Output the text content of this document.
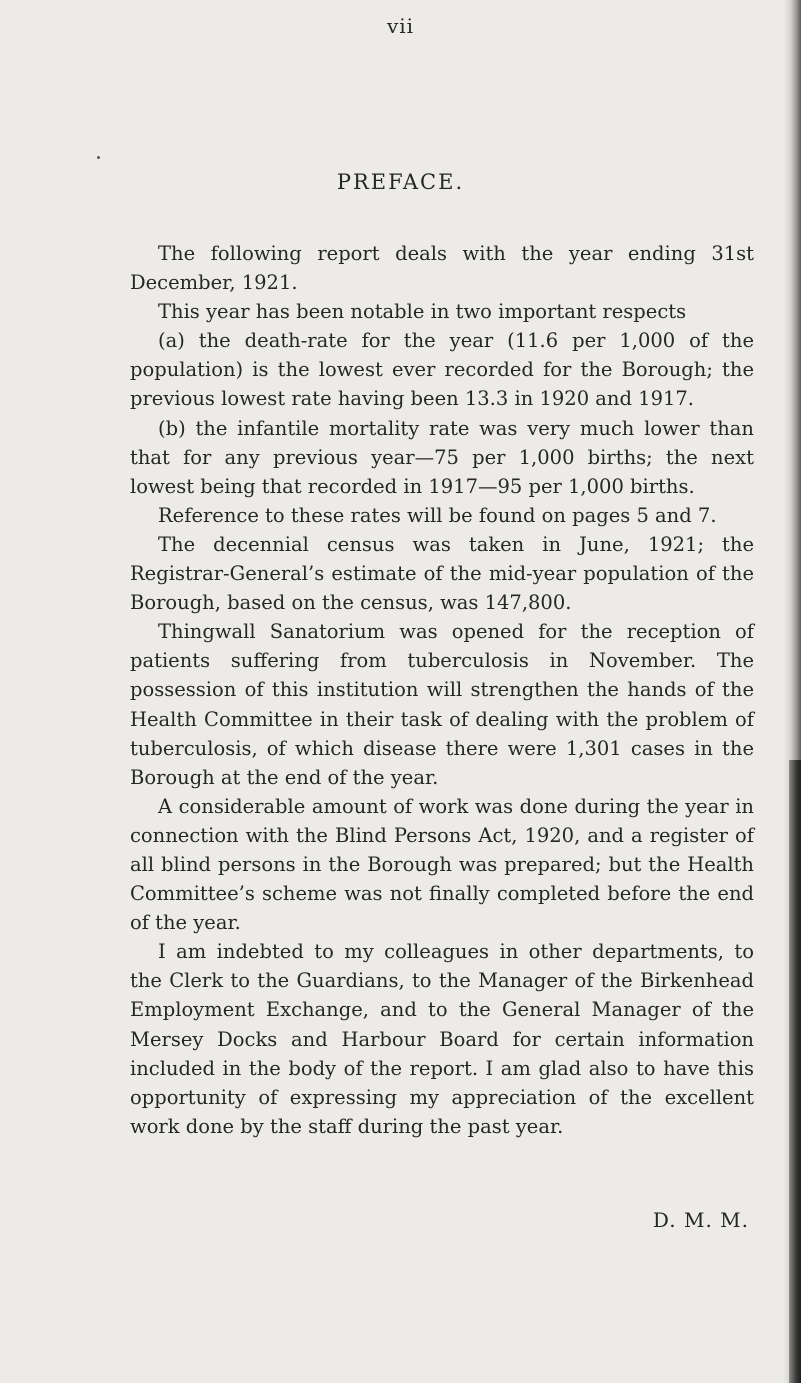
vii
PREFACE.

The following report deals with the year ending 31st December, 1921.

This year has been notable in two important respects

(a) the death-rate for the year (11.6 per 1,000 of the population) is the lowest ever recorded for the Borough; the previous lowest rate having been 13.3 in 1920 and 1917.

(b) the infantile mortality rate was very much lower than that for any previous year—75 per 1,000 births; the next lowest being that recorded in 1917—95 per 1,000 births.

Reference to these rates will be found on pages 5 and 7.

The decennial census was taken in June, 1921; the Registrar-General’s estimate of the mid-year population of the Borough, based on the census, was 147,800.

Thingwall Sanatorium was opened for the reception of patients suffering from tuberculosis in November. The possession of this institution will strengthen the hands of the Health Committee in their task of dealing with the problem of tuberculosis, of which disease there were 1,301 cases in the Borough at the end of the year.

A considerable amount of work was done during the year in connection with the Blind Persons Act, 1920, and a register of all blind persons in the Borough was prepared; but the Health Committee’s scheme was not finally completed before the end of the year.

I am indebted to my colleagues in other departments, to the Clerk to the Guardians, to the Manager of the Birkenhead Employment Exchange, and to the General Manager of the Mersey Docks and Harbour Board for certain information included in the body of the report. I am glad also to have this opportunity of expressing my appreciation of the excellent work done by the staff during the past year.

D. M. M.
